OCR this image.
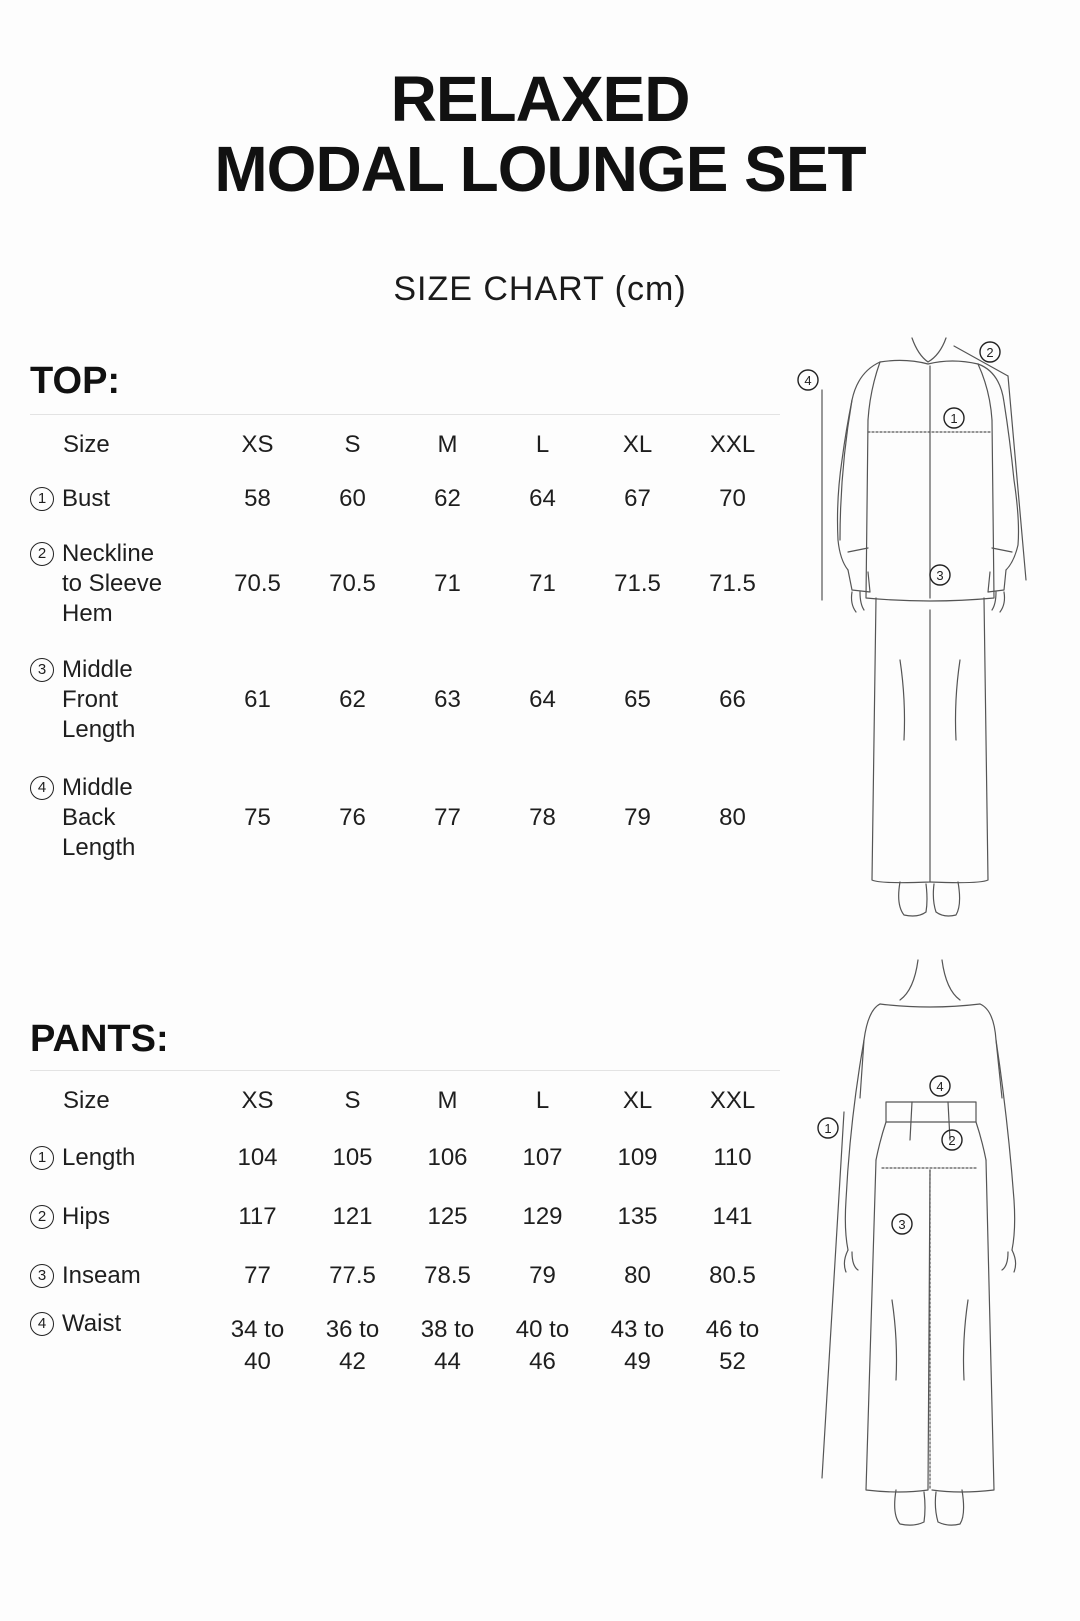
RELAXED
MODAL LOUNGE SET
SIZE CHART (cm)
TOP:
Size	XS	S	M	L	XL	XXL

1 Bust	58	60	62	64	67	70

2 Neckline
to Sleeve
Hem	70.5	70.5	71	71	71.5	71.5

3 Middle
Front
Length	61	62	63	64	65	66

4 Middle
Back
Length	75	76	77	78	79	80
PANTS:
Size	XS	S	M	L	XL	XXL

1 Length	104	105	106	107	109	110

2 Hips	117	121	125	129	135	141

3 Inseam	77	77.5	78.5	79	80	80.5

4 Waist	34 to
40	36 to
42	38 to
44	40 to
46	43 to
49	46 to
52
4
2
1
3
1
4
2
3
